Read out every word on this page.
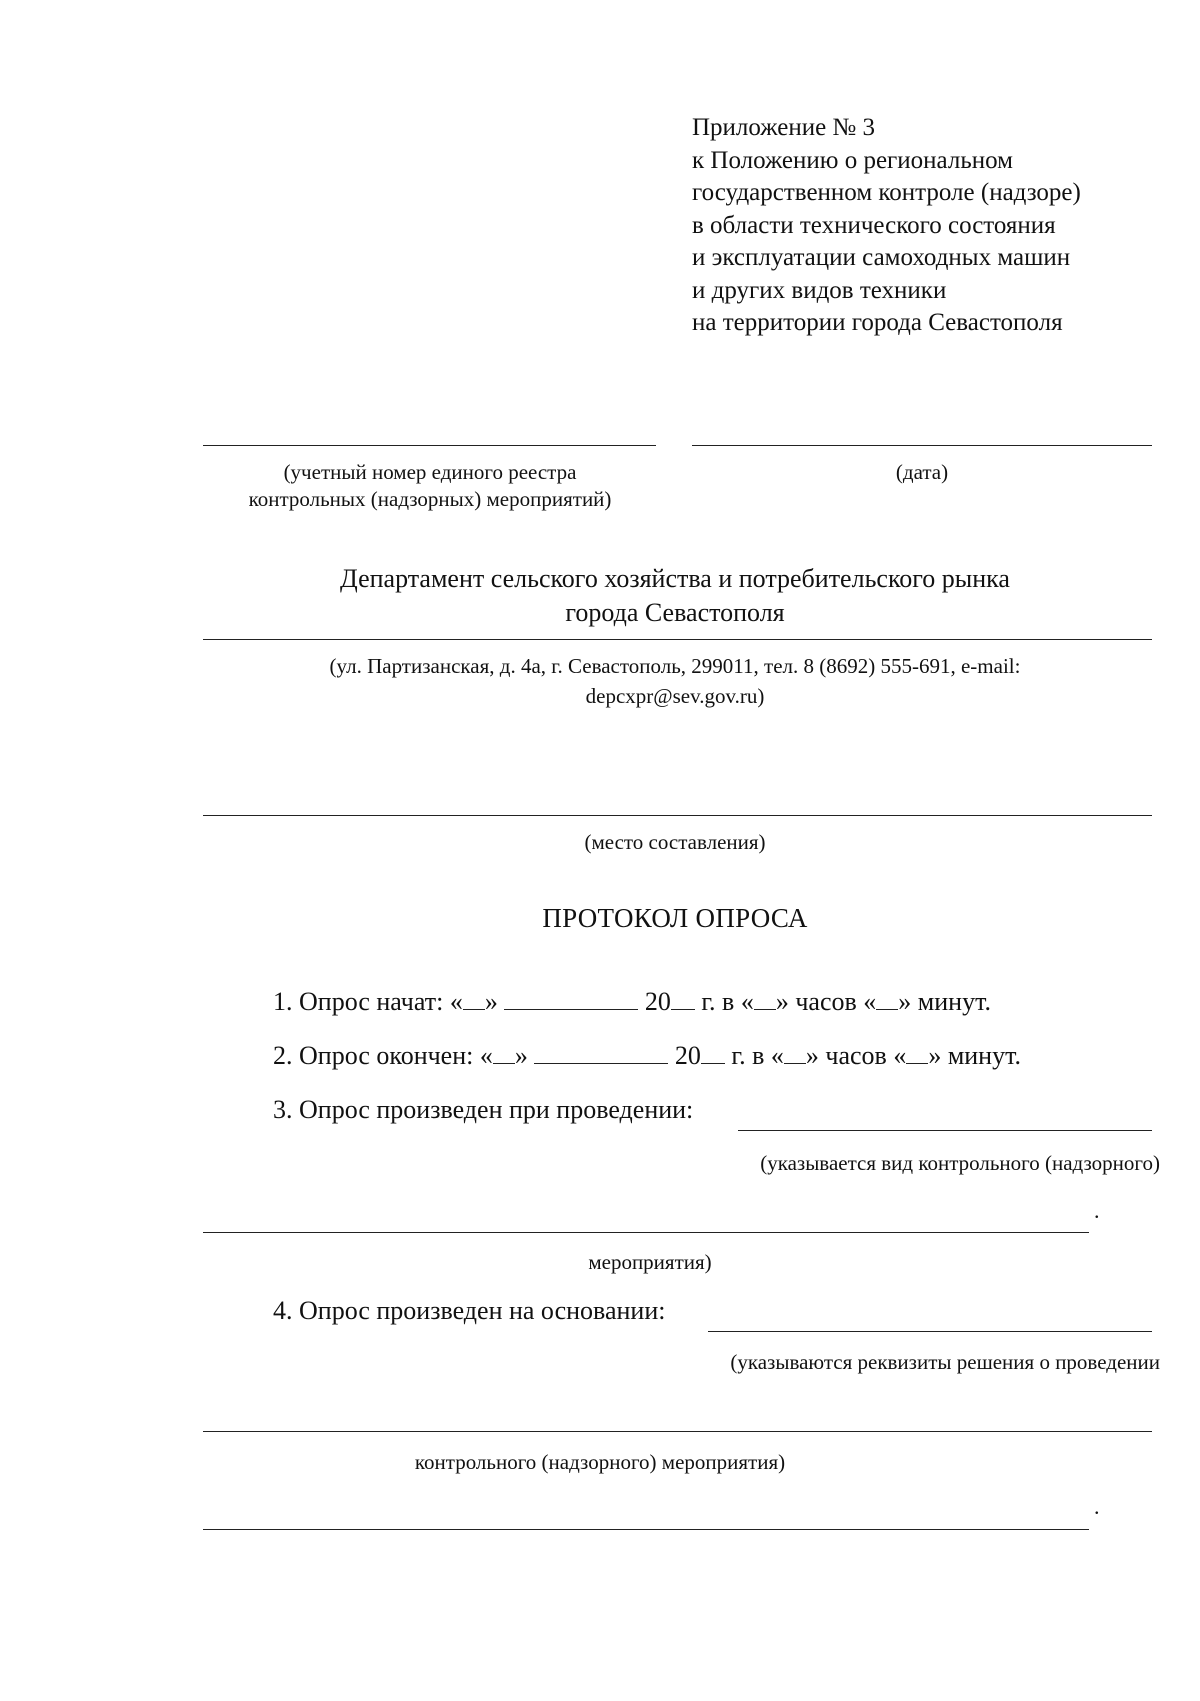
Приложение № 3
к Положению о региональном
государственном контроле (надзоре)
в области технического состояния
и эксплуатации самоходных машин
и других видов техники
на территории города Севастополя
(учетный номер единого реестра
контрольных (надзорных) мероприятий)
(дата)
Департамент сельского хозяйства и потребительского рынка
города Севастополя
(ул. Партизанская, д. 4а, г. Севастополь, 299011, тел. 8 (8692) 555-691, e-mail:
depcxpr@sev.gov.ru)
(место составления)
ПРОТОКОЛ ОПРОСА
1. Опрос начат: « »	20 г. в « » часов « » минут.
2. Опрос окончен: « »	20 г. в « » часов « » минут.
3. Опрос произведен при проведении:
(указывается вид контрольного (надзорного)
.
мероприятия)
4. Опрос произведен на основании:
(указываются реквизиты решения о проведении
контрольного (надзорного) мероприятия)
.
